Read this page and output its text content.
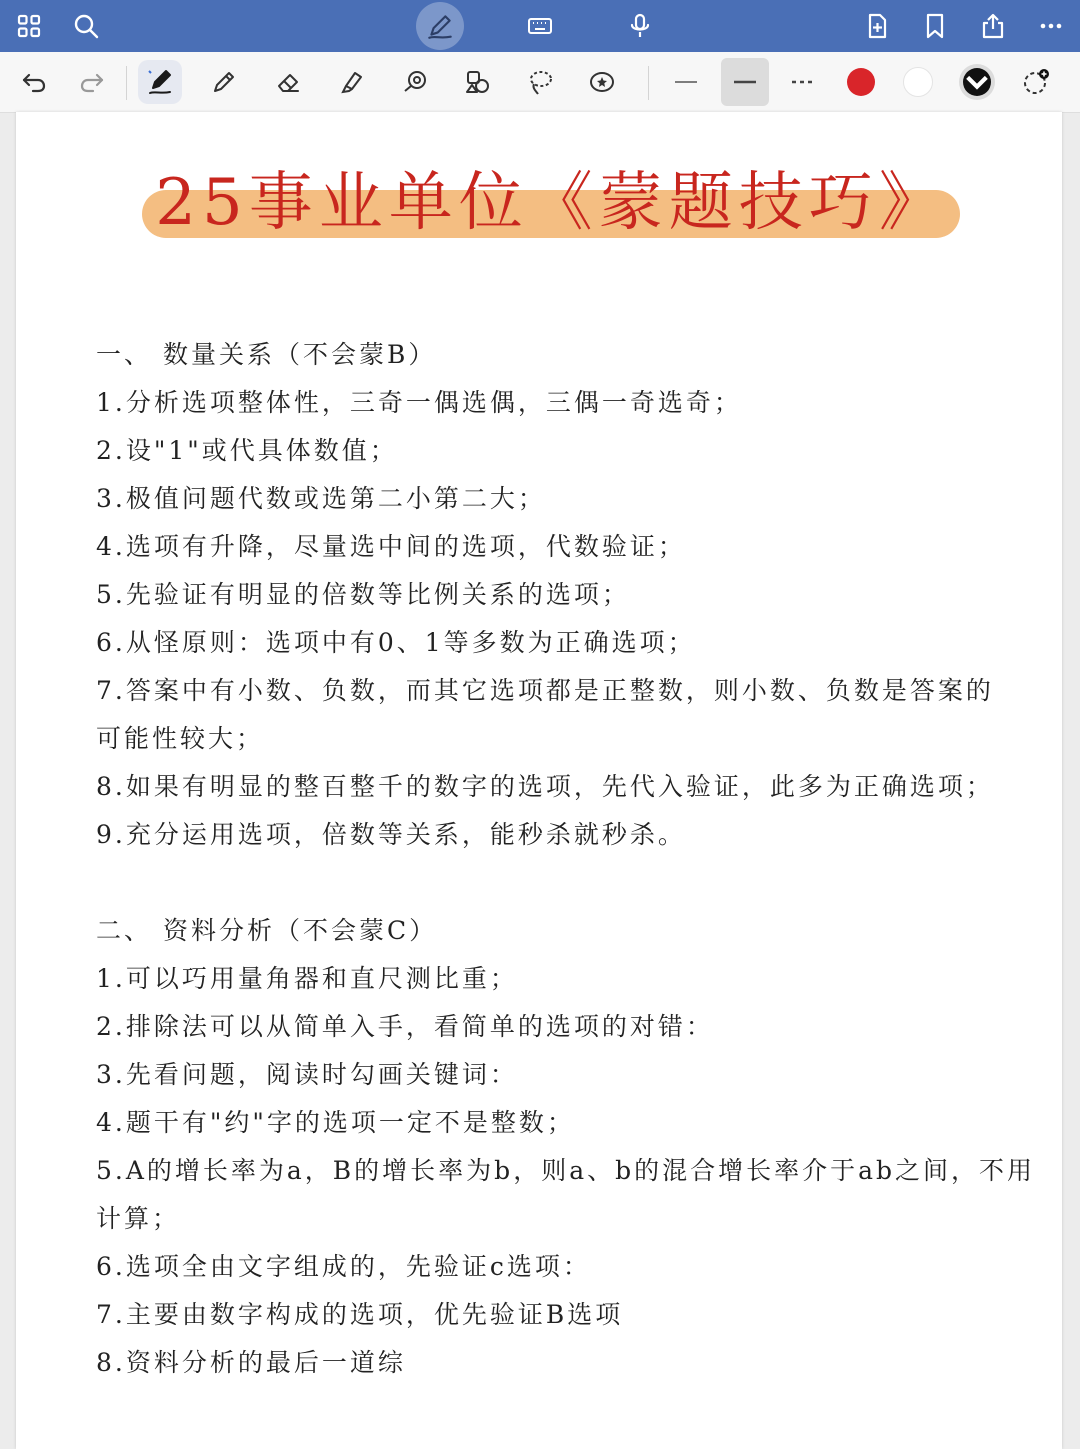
25事业单位《蒙题技巧》
一、 数量关系（不会蒙B）
1.分析选项整体性，三奇一偶选偶，三偶一奇选奇；
2.设"1"或代具体数值；
3.极值问题代数或选第二小第二大；
4.选项有升降，尽量选中间的选项，代数验证；
5.先验证有明显的倍数等比例关系的选项；
6.从怪原则：选项中有0、1等多数为正确选项；
7.答案中有小数、负数，而其它选项都是正整数，则小数、负数是答案的
可能性较大；
8.如果有明显的整百整千的数字的选项，先代入验证，此多为正确选项；
9.充分运用选项，倍数等关系，能秒杀就秒杀。
二、 资料分析（不会蒙C）
1.可以巧用量角器和直尺测比重；
2.排除法可以从简单入手，看简单的选项的对错：
3.先看问题，阅读时勾画关键词：
4.题干有"约"字的选项一定不是整数；
5.A的增长率为a，B的增长率为b，则a、b的混合增长率介于ab之间，不用
计算；
6.选项全由文字组成的，先验证c选项：
7.主要由数字构成的选项，优先验证B选项
8.资料分析的最后一道综
